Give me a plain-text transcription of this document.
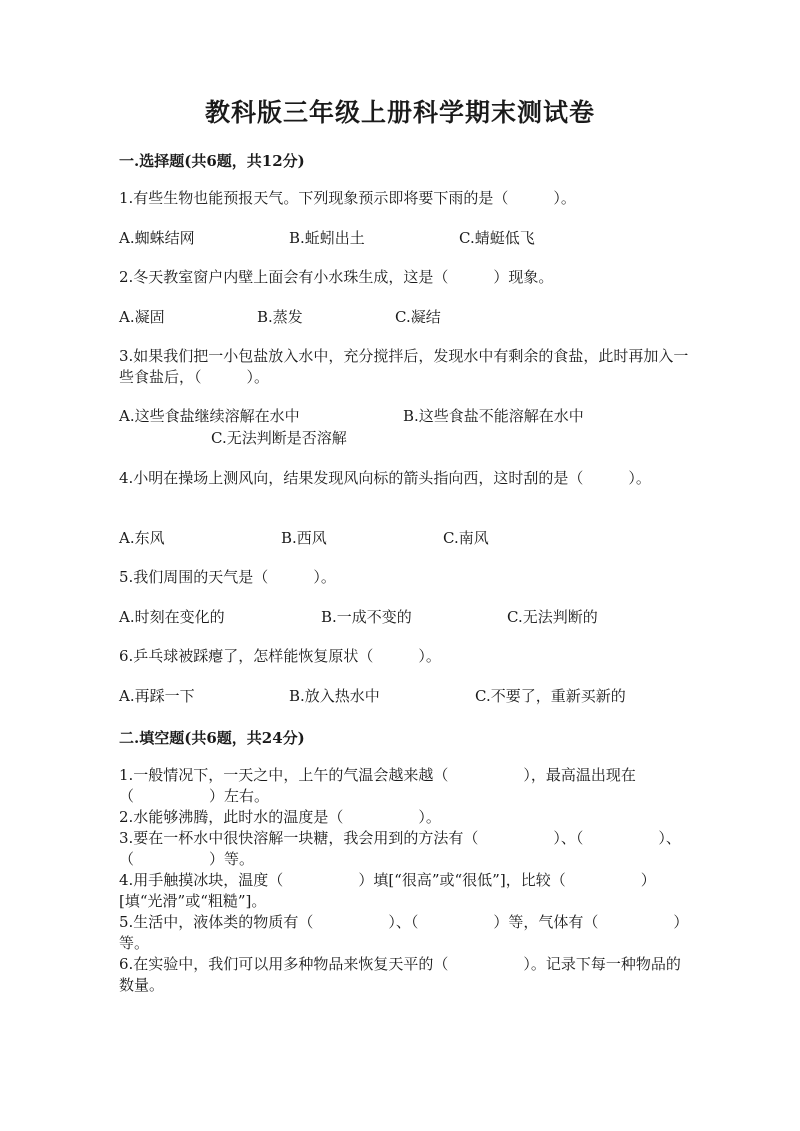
教科版三年级上册科学期末测试卷
一.选择题(共6题，共12分)
1.有些生物也能预报天气。下列现象预示即将要下雨的是（　　　）。
A.蜘蛛结网	B.蚯蚓出土	C.蜻蜓低飞
2.冬天教室窗户内壁上面会有小水珠生成，这是（　　　）现象。
A.凝固	B.蒸发	C.凝结
3.如果我们把一小包盐放入水中，充分搅拌后，发现水中有剩余的食盐，此时再加入一些食盐后，（　　　）。
A.这些食盐继续溶解在水中	B.这些食盐不能溶解在水中
C.无法判断是否溶解
4.小明在操场上测风向，结果发现风向标的箭头指向西，这时刮的是（　　　）。
A.东风	B.西风	C.南风
5.我们周围的天气是（　　　）。
A.时刻在变化的	B.一成不变的	C.无法判断的
6.乒乓球被踩瘪了，怎样能恢复原状（　　　）。
A.再踩一下	B.放入热水中	C.不要了，重新买新的
二.填空题(共6题，共24分)
1.一般情况下，一天之中，上午的气温会越来越（　　　　　），最高温出现在（　　　　　）左右。
2.水能够沸腾，此时水的温度是（　　　　　）。
3.要在一杯水中很快溶解一块糖，我会用到的方法有（　　　　　）、（　　　　　）、（　　　　　）等。
4.用手触摸冰块，温度（　　　　　）填[“很高”或“很低”]，比较（　　　　　）[填“光滑”或“粗糙”]。
5.生活中，液体类的物质有（　　　　　）、（　　　　　）等，气体有（　　　　　）等。
6.在实验中，我们可以用多种物品来恢复天平的（　　　　　）。记录下每一种物品的数量。
